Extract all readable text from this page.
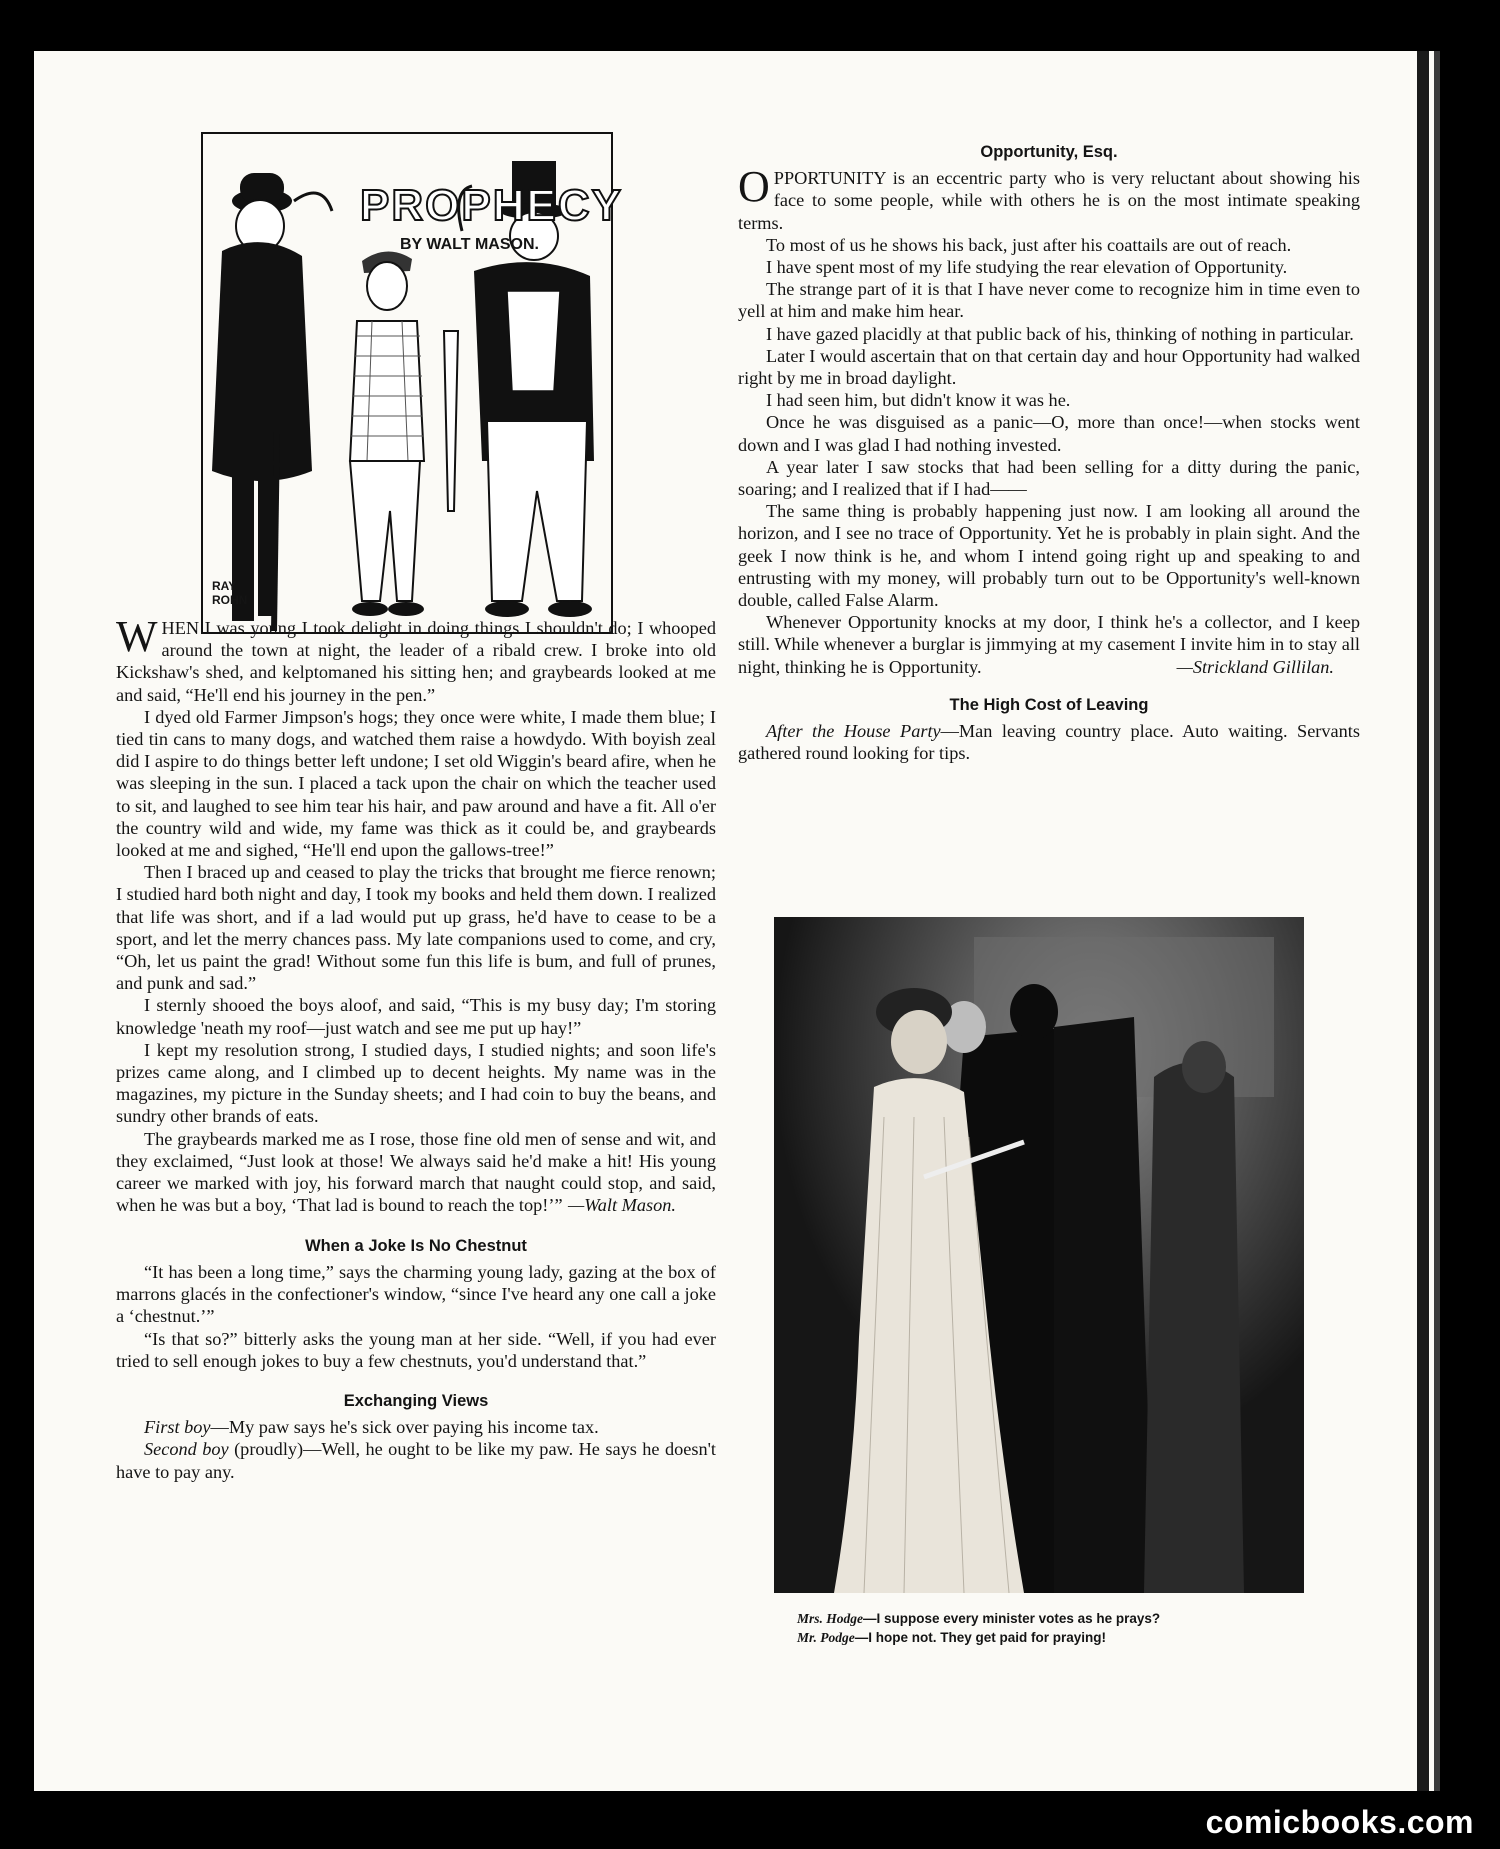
PROPHECY
BY WALT MASON.
RAY ROHN

WHEN I was young I took delight in doing things I shouldn't do; I whooped around the town at night, the leader of a ribald crew. I broke into old Kickshaw's shed, and kelptomaned his sitting hen; and graybeards looked at me and said, “He'll end his journey in the pen.”

I dyed old Farmer Jimpson's hogs; they once were white, I made them blue; I tied tin cans to many dogs, and watched them raise a howdydo. With boyish zeal did I aspire to do things better left undone; I set old Wiggin's beard afire, when he was sleeping in the sun. I placed a tack upon the chair on which the teacher used to sit, and laughed to see him tear his hair, and paw around and have a fit. All o'er the country wild and wide, my fame was thick as it could be, and graybeards looked at me and sighed, “He'll end upon the gallows-tree!”

Then I braced up and ceased to play the tricks that brought me fierce renown; I studied hard both night and day, I took my books and held them down. I realized that life was short, and if a lad would put up grass, he'd have to cease to be a sport, and let the merry chances pass. My late companions used to come, and cry, “Oh, let us paint the grad! Without some fun this life is bum, and full of prunes, and punk and sad.”

I sternly shooed the boys aloof, and said, “This is my busy day; I'm storing knowledge 'neath my roof—just watch and see me put up hay!”

I kept my resolution strong, I studied days, I studied nights; and soon life's prizes came along, and I climbed up to decent heights. My name was in the magazines, my picture in the Sunday sheets; and I had coin to buy the beans, and sundry other brands of eats.

The graybeards marked me as I rose, those fine old men of sense and wit, and they exclaimed, “Just look at those! We always said he'd make a hit! His young career we marked with joy, his forward march that naught could stop, and said, when he was but a boy, ‘That lad is bound to reach the top!’” —Walt Mason.
When a Joke Is No Chestnut

“It has been a long time,” says the charming young lady, gazing at the box of marrons glacés in the confectioner's window, “since I've heard any one call a joke a ‘chestnut.’”

“Is that so?” bitterly asks the young man at her side. “Well, if you had ever tried to sell enough jokes to buy a few chestnuts, you'd understand that.”

Exchanging Views

First boy—My paw says he's sick over paying his income tax.

Second boy (proudly)—Well, he ought to be like my paw. He says he doesn't have to pay any.

Opportunity, Esq.

OPPORTUNITY is an eccentric party who is very reluctant about showing his face to some people, while with others he is on the most intimate speaking terms.

To most of us he shows his back, just after his coattails are out of reach.

I have spent most of my life studying the rear elevation of Opportunity.

The strange part of it is that I have never come to recognize him in time even to yell at him and make him hear.

I have gazed placidly at that public back of his, thinking of nothing in particular.

Later I would ascertain that on that certain day and hour Opportunity had walked right by me in broad daylight.

I had seen him, but didn't know it was he.

Once he was disguised as a panic—O, more than once!—when stocks went down and I was glad I had nothing invested.

A year later I saw stocks that had been selling for a ditty during the panic, soaring; and I realized that if I had——

The same thing is probably happening just now. I am looking all around the horizon, and I see no trace of Opportunity. Yet he is probably in plain sight. And the geek I now think is he, and whom I intend going right up and speaking to and entrusting with my money, will probably turn out to be Opportunity's well-known double, called False Alarm.

Whenever Opportunity knocks at my door, I think he's a collector, and I keep still. While whenever a burglar is jimmying at my casement I invite him in to stay all night, thinking he is Opportunity.	—Strickland Gillilan.
The High Cost of Leaving

After the House Party—Man leaving country place. Auto waiting. Servants gathered round looking for tips.

Mrs. Hodge—I suppose every minister votes as he prays?
Mr. Podge—I hope not. They get paid for praying!
comicbooks.com
